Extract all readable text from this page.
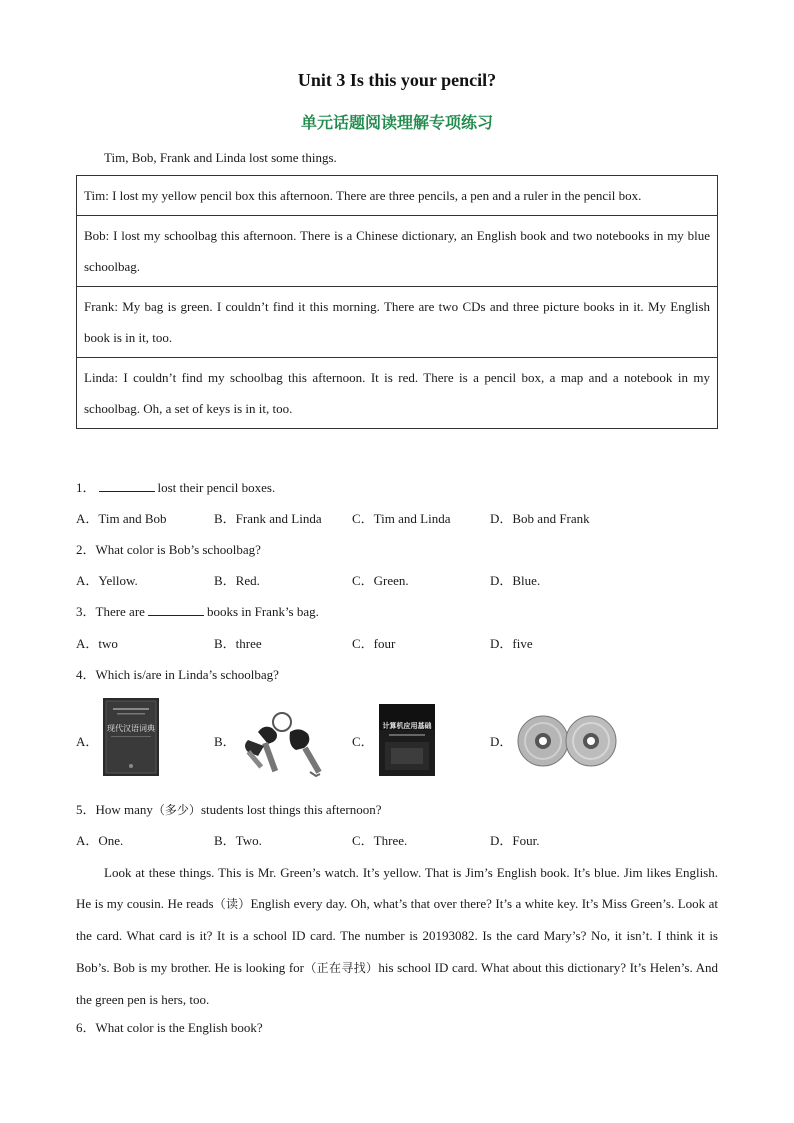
Unit 3 Is this your pencil?
单元话题阅读理解专项练习
Tim, Bob, Frank and Linda lost some things.
Tim: I lost my yellow pencil box this afternoon. There are three pencils, a pen and a ruler in the pencil box.
Bob: I lost my schoolbag this afternoon. There is a Chinese dictionary, an English book and two notebooks in my blue schoolbag.
Frank: My bag is green. I couldn’t find it this morning. There are two CDs and three picture books in it. My English book is in it, too.
Linda: I couldn’t find my schoolbag this afternoon. It is red. There is a pencil box, a map and a notebook in my schoolbag. Oh, a set of keys is in it, too.
1．	lost their pencil boxes.
A．Tim and Bob	B．Frank and Linda C．Tim and Linda	D．Bob and Frank
2．What color is Bob’s schoolbag?
A．Yellow.	B．Red.	C．Green.	D．Blue.
3．There are	books in Frank’s bag.
A．two	B．three	C．four	D．five
4．Which is/are in Linda’s schoolbag?
A．	B．	C．	D．
现代汉语词典	计算机应用基础
5．How many（多少）students lost things this afternoon?
A．One.	B．Two.	C．Three.	D．Four.
Look at these things. This is Mr. Green’s watch. It’s yellow. That is Jim’s English book. It’s blue. Jim likes English. He is my cousin. He reads（读）English every day. Oh, what’s that over there? It’s a white key. It’s Miss Green’s. Look at the card. What card is it? It is a school ID card. The number is 20193082. Is the card Mary’s? No, it isn’t. I think it is Bob’s. Bob is my brother. He is looking for（正在寻找）his school ID card. What about this dictionary? It’s Helen’s. And the green pen is hers, too.
6．What color is the English book?
